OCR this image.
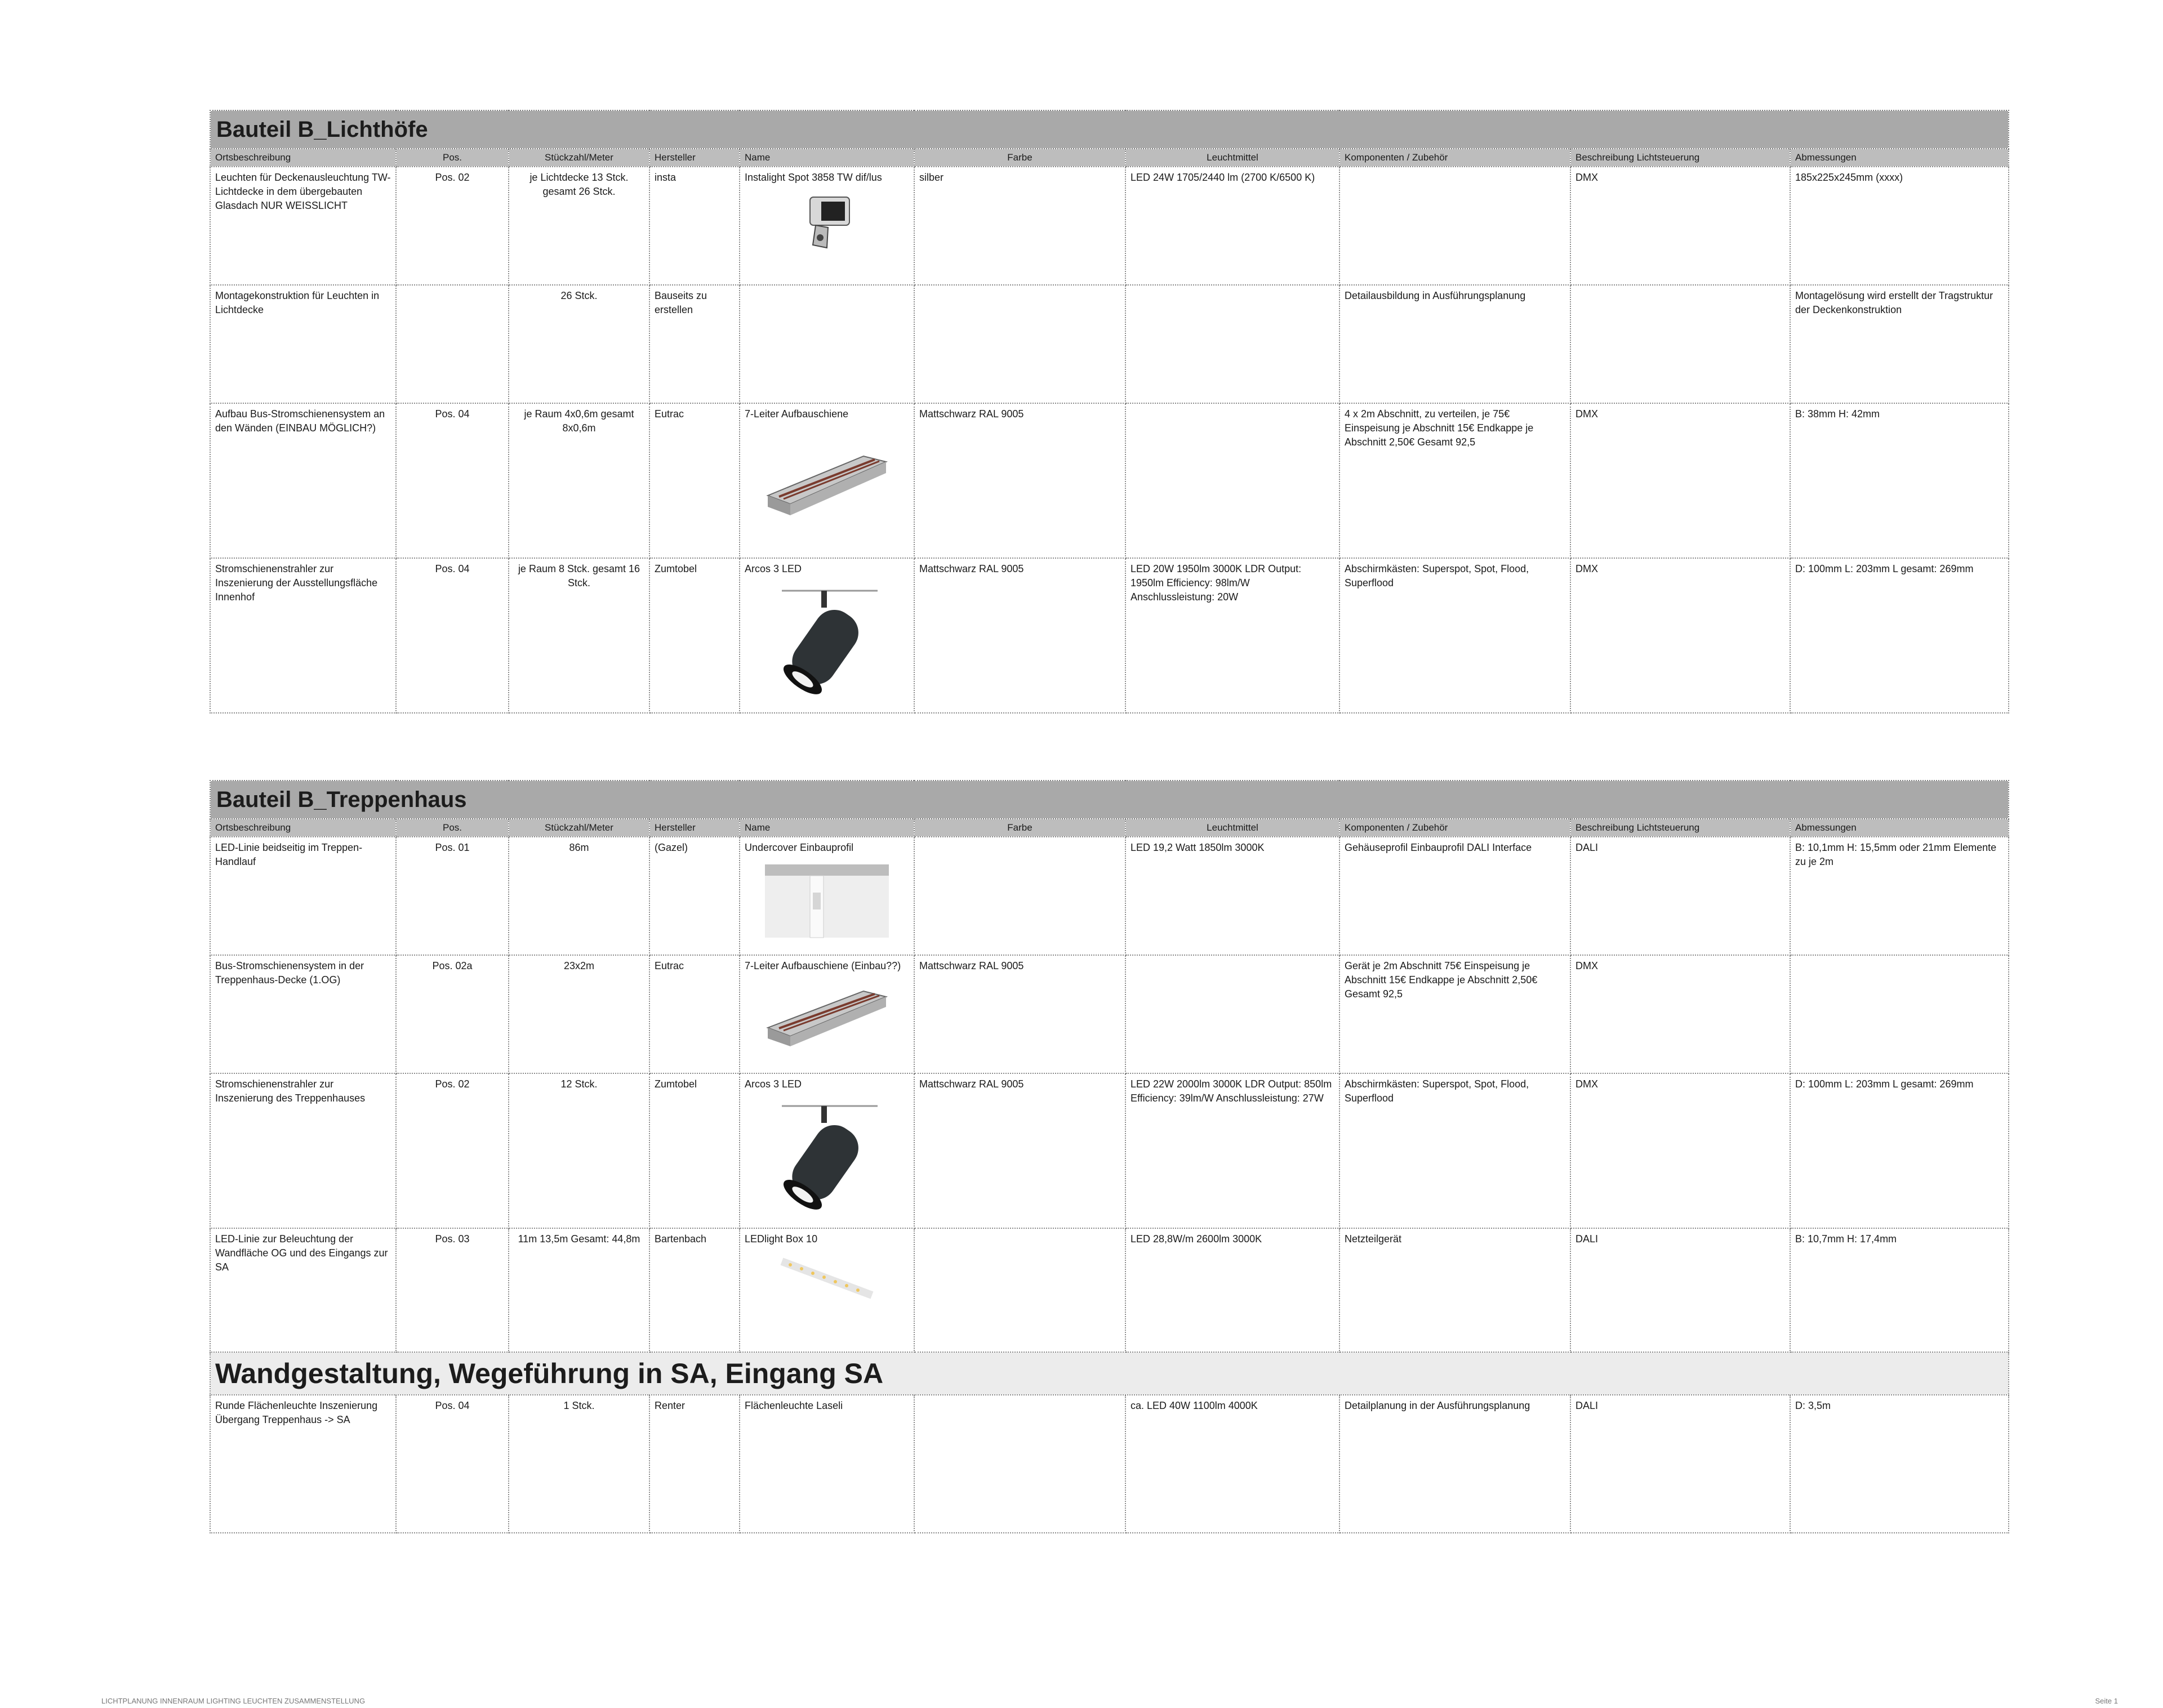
Bauteil B_Lichthöfe									
Ortsbeschreibung	Pos.	Stückzahl/Meter	Hersteller	Name	Farbe	Leuchtmittel	Komponenten / Zubehör	Beschreibung Lichtsteuerung	Abmessungen
Leuchten für Deckenausleuchtung TW-Lichtdecke in dem übergebauten Glasdach NUR WEISSLICHT	Pos. 02	je Lichtdecke 13 Stck. gesamt 26 Stck.	insta	Instalight Spot 3858 TW dif/lus	silber	LED 24W 1705/2440 lm (2700 K/6500 K)		DMX	185x225x245mm (xxxx)
Montagekonstruktion für Leuchten in Lichtdecke		26 Stck.	Bauseits zu erstellen				Detailausbildung in Ausführungsplanung		Montagelösung wird erstellt der Tragstruktur der Deckenkonstruktion
Aufbau Bus-Stromschienensystem an den Wänden (EINBAU MÖGLICH?)	Pos. 04	je Raum 4x0,6m gesamt 8x0,6m	Eutrac	7-Leiter Aufbauschiene	Mattschwarz RAL 9005		4 x 2m Abschnitt, zu verteilen, je 75€ Einspeisung je Abschnitt 15€ Endkappe je Abschnitt 2,50€ Gesamt 92,5	DMX	B: 38mm H: 42mm
Stromschienenstrahler zur Inszenierung der Ausstellungsfläche Innenhof	Pos. 04	je Raum 8 Stck. gesamt 16 Stck.	Zumtobel	Arcos 3 LED	Mattschwarz RAL 9005	LED 20W 1950lm 3000K LDR Output: 1950lm Efficiency: 98lm/W Anschlussleistung: 20W	Abschirmkästen: Superspot, Spot, Flood, Superflood	DMX	D: 100mm L: 203mm L gesamt: 269mm
Bauteil B_Treppenhaus									
Ortsbeschreibung	Pos.	Stückzahl/Meter	Hersteller	Name	Farbe	Leuchtmittel	Komponenten / Zubehör	Beschreibung Lichtsteuerung	Abmessungen
LED-Linie beidseitig im Treppen-Handlauf	Pos. 01	86m	(Gazel)	Undercover Einbauprofil		LED 19,2 Watt 1850lm 3000K	Gehäuseprofil Einbauprofil DALI Interface	DALI	B: 10,1mm H: 15,5mm oder 21mm Elemente zu je 2m
Bus-Stromschienensystem in der Treppenhaus-Decke (1.OG)	Pos. 02a	23x2m	Eutrac	7-Leiter Aufbauschiene (Einbau??)	Mattschwarz RAL 9005		Gerät je 2m Abschnitt 75€ Einspeisung je Abschnitt 15€ Endkappe je Abschnitt 2,50€ Gesamt 92,5	DMX	
Stromschienenstrahler zur Inszenierung des Treppenhauses	Pos. 02	12 Stck.	Zumtobel	Arcos 3 LED	Mattschwarz RAL 9005	LED 22W 2000lm 3000K LDR Output: 850lm Efficiency: 39lm/W Anschlussleistung: 27W	Abschirmkästen: Superspot, Spot, Flood, Superflood	DMX	D: 100mm L: 203mm L gesamt: 269mm
LED-Linie zur Beleuchtung der Wandfläche OG und des Eingangs zur SA	Pos. 03	11m 13,5m Gesamt: 44,8m	Bartenbach	LEDlight Box 10		LED 28,8W/m 2600lm 3000K	Netzteilgerät	DALI	B: 10,7mm H: 17,4mm
Wandgestaltung, Wegeführung in SA, Eingang SA									
Runde Flächenleuchte Inszenierung Übergang Treppenhaus -> SA	Pos. 04	1 Stck.	Renter	Flächenleuchte Laseli		ca. LED 40W 1100lm 4000K	Detailplanung in der Ausführungsplanung	DALI	D: 3,5m
LICHTPLANUNG INNENRAUM LIGHTING LEUCHTEN ZUSAMMENSTELLUNG	Seite 1
